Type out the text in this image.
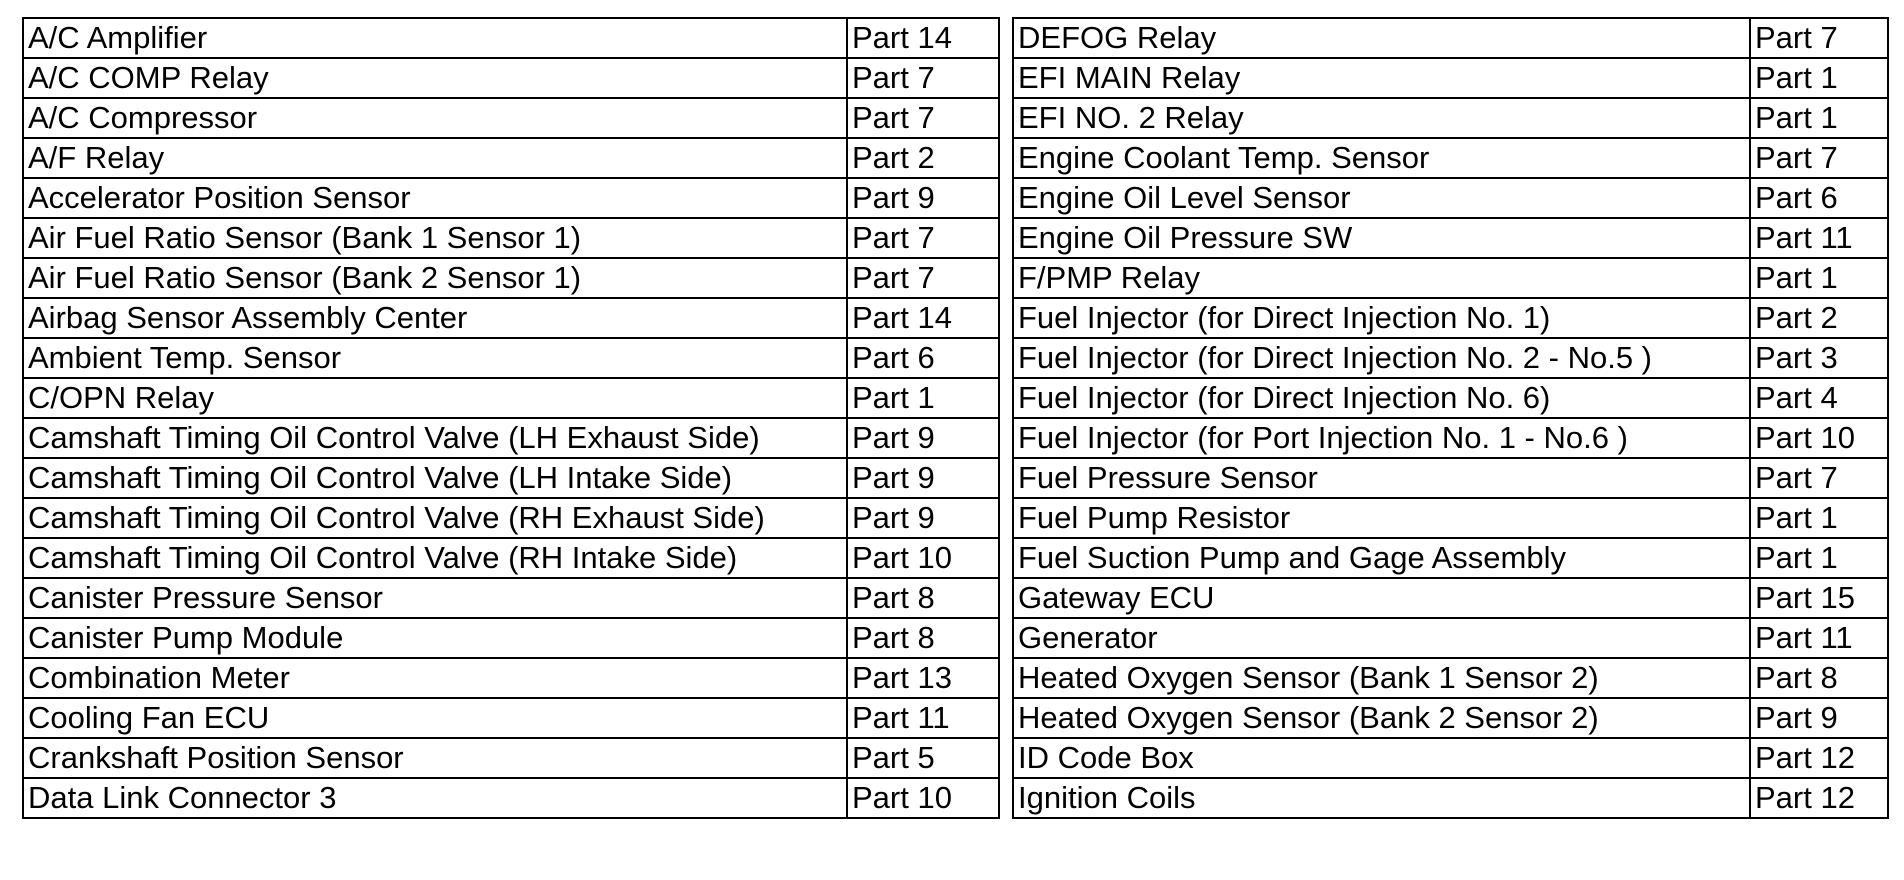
A/C Amplifier	Part 14
A/C COMP Relay	Part 7
A/C Compressor	Part 7
A/F Relay	Part 2
Accelerator Position Sensor	Part 9
Air Fuel Ratio Sensor (Bank 1 Sensor 1)	Part 7
Air Fuel Ratio Sensor (Bank 2 Sensor 1)	Part 7
Airbag Sensor Assembly Center	Part 14
Ambient Temp. Sensor	Part 6
C/OPN Relay	Part 1
Camshaft Timing Oil Control Valve (LH Exhaust Side)	Part 9
Camshaft Timing Oil Control Valve (LH Intake Side)	Part 9
Camshaft Timing Oil Control Valve (RH Exhaust Side)	Part 9
Camshaft Timing Oil Control Valve (RH Intake Side)	Part 10
Canister Pressure Sensor	Part 8
Canister Pump Module	Part 8
Combination Meter	Part 13
Cooling Fan ECU	Part 11
Crankshaft Position Sensor	Part 5
Data Link Connector 3	Part 10
DEFOG Relay	Part 7
EFI MAIN Relay	Part 1
EFI NO. 2 Relay	Part 1
Engine Coolant Temp. Sensor	Part 7
Engine Oil Level Sensor	Part 6
Engine Oil Pressure SW	Part 11
F/PMP Relay	Part 1
Fuel Injector (for Direct Injection No. 1)	Part 2
Fuel Injector (for Direct Injection No. 2 - No.5 )	Part 3
Fuel Injector (for Direct Injection No. 6)	Part 4
Fuel Injector (for Port Injection No. 1 - No.6 )	Part 10
Fuel Pressure Sensor	Part 7
Fuel Pump Resistor	Part 1
Fuel Suction Pump and Gage Assembly	Part 1
Gateway ECU	Part 15
Generator	Part 11
Heated Oxygen Sensor (Bank 1 Sensor 2)	Part 8
Heated Oxygen Sensor (Bank 2 Sensor 2)	Part 9
ID Code Box	Part 12
Ignition Coils	Part 12
